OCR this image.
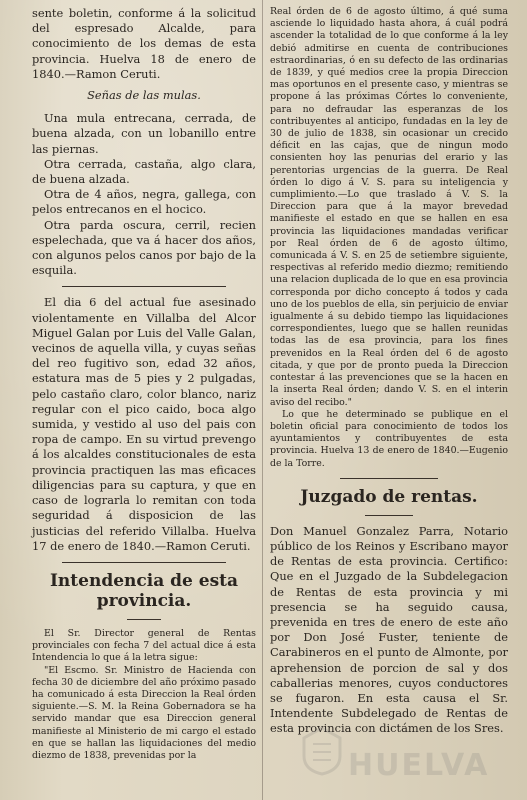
sente boletin, conforme á la solicitud del espresado Alcalde, para conocimiento de los demas de esta provincia. Huelva 18 de enero de 1840.—Ramon Ceruti.

Señas de las mulas.

Una mula entrecana, cerrada, de buena alzada, con un lobanillo entre las piernas.

Otra cerrada, castaña, algo clara, de buena alzada.

Otra de 4 años, negra, gallega, con pelos entrecanos en el hocico.

Otra parda oscura, cerril, recien espelechada, que va á hacer dos años, con algunos pelos canos por bajo de la esquila.

El dia 6 del actual fue asesinado violentamente en Villalba del Alcor Miguel Galan por Luis del Valle Galan, vecinos de aquella villa, y cuyas señas del reo fugitivo son, edad 32 años, estatura mas de 5 pies y 2 pulgadas, pelo castaño claro, color blanco, nariz regular con el pico caido, boca algo sumida, y vestido al uso del pais con ropa de campo. En su virtud prevengo á los alcaldes constitucionales de esta provincia practiquen las mas eficaces diligencias para su captura, y que en caso de lograrla lo remitan con toda seguridad á disposicion de las justicias del referido Villalba. Huelva 17 de enero de 1840.—Ramon Ceruti.

Intendencia de esta provincia.

El Sr. Director general de Rentas provinciales con fecha 7 del actual dice á esta Intendencia lo que á la letra sigue:

"El Escmo. Sr. Ministro de Hacienda con fecha 30 de diciembre del año próximo pasado ha comunicado á esta Direccion la Real órden siguiente.—S. M. la Reina Gobernadora se ha servido mandar que esa Direccion general manifieste al Ministerio de mi cargo el estado en que se hallan las liquidaciones del medio diezmo de 1838, prevenidas por la

Real órden de 6 de agosto último, á qué suma asciende lo liquidado hasta ahora, á cuál podrá ascender la totalidad de lo que conforme á la ley debió admitirse en cuenta de contribuciones estraordinarias, ó en su defecto de las ordinarias de 1839, y qué medios cree la propia Direccion mas oportunos en el presente caso, y mientras se propone á las próximas Córtes lo conveniente, para no defraudar las esperanzas de los contribuyentes al anticipo, fundadas en la ley de 30 de julio de 1838, sin ocasionar un crecido déficit en las cajas, que de ningun modo consienten hoy las penurias del erario y las perentorias urgencias de la guerra. De Real órden lo digo á V. S. para su inteligencia y cumplimiento.—Lo que traslado á V. S. la Direccion para que á la mayor brevedad manifieste el estado en que se hallen en esa provincia las liquidaciones mandadas verificar por Real órden de 6 de agosto último, comunicada á V. S. en 25 de setiembre siguiente, respectivas al referido medio diezmo; remitiendo una relacion duplicada de lo que en esa provincia corresponda por dicho concepto á todos y cada uno de los pueblos de ella, sin perjuicio de enviar igualmente á su debido tiempo las liquidaciones correspondientes, luego que se hallen reunidas todas las de esa provincia, para los fines prevenidos en la Real órden del 6 de agosto citada, y que por de pronto pueda la Direccion contestar á las prevenciones que se la hacen en la inserta Real órden; dando V. S. en el interin aviso del recibo."

Lo que he determinado se publique en el boletin oficial para conocimiento de todos los ayuntamientos y contribuyentes de esta provincia. Huelva 13 de enero de 1840.—Eugenio de la Torre.

Juzgado de rentas.

Don Manuel Gonzalez Parra, Notario público de los Reinos y Escribano mayor de Rentas de esta provincia. Certifico: Que en el Juzgado de la Subdelegacion de Rentas de esta provincia y mi presencia se ha seguido causa, prevenida en tres de enero de este año por Don José Fuster, teniente de Carabineros en el punto de Almonte, por aprehension de porcion de sal y dos caballerias menores, cuyos conductores se fugaron. En esta causa el Sr. Intendente Subdelegado de Rentas de esta provincia con dictámen de los Sres.

HUELVA
